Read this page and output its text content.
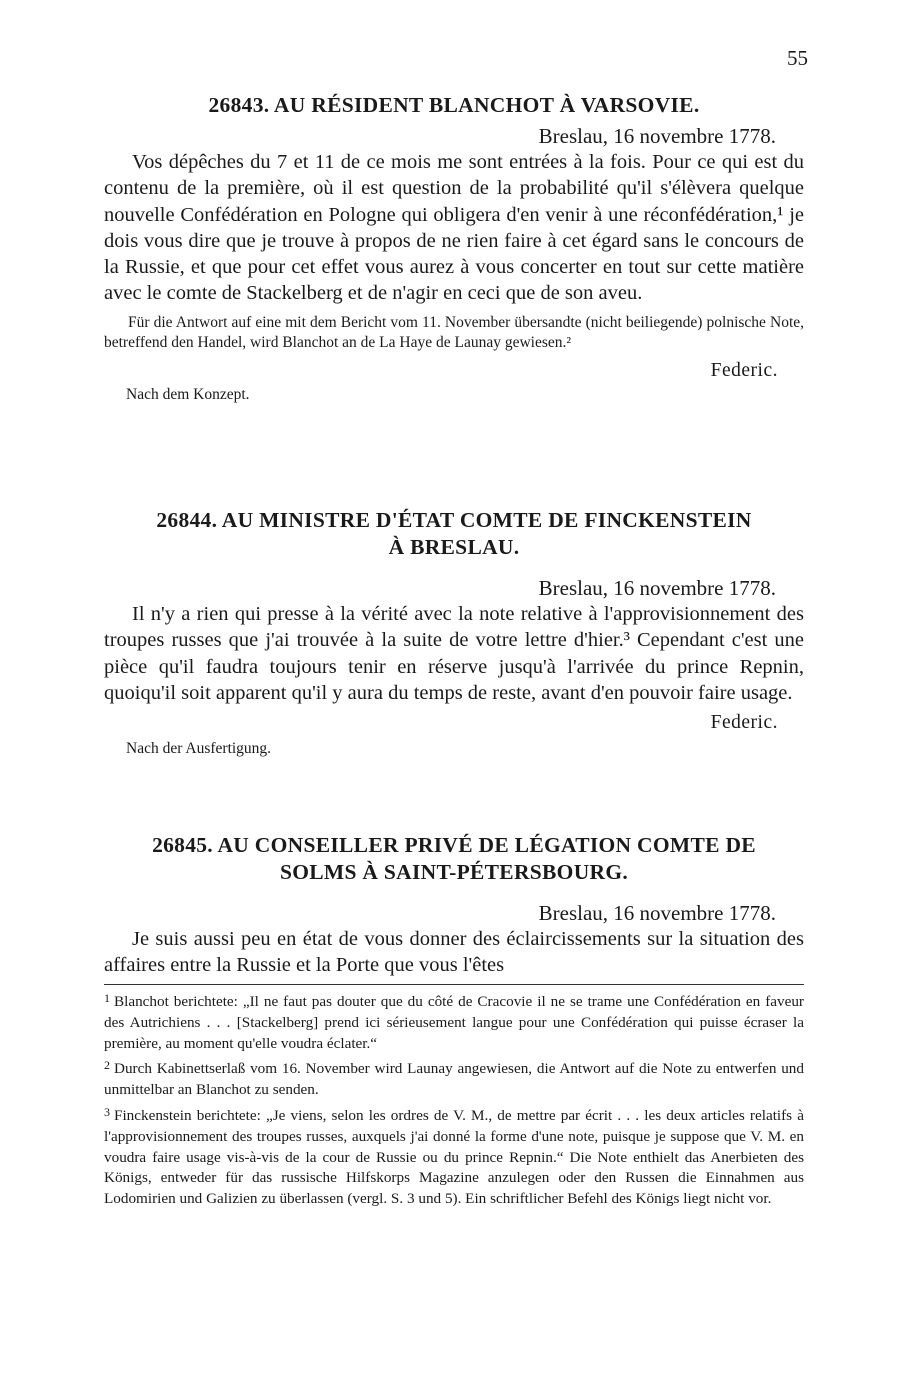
55
26843. AU RÉSIDENT BLANCHOT À VARSOVIE.
Breslau, 16 novembre 1778.

Vos dépêches du 7 et 11 de ce mois me sont entrées à la fois. Pour ce qui est du contenu de la première, où il est question de la probabilité qu'il s'élèvera quelque nouvelle Confédération en Pologne qui obligera d'en venir à une réconfédération,¹ je dois vous dire que je trouve à propos de ne rien faire à cet égard sans le concours de la Russie, et que pour cet effet vous aurez à vous concerter en tout sur cette matière avec le comte de Stackelberg et de n'agir en ceci que de son aveu.

Für die Antwort auf eine mit dem Bericht vom 11. November übersandte (nicht beiliegende) polnische Note, betreffend den Handel, wird Blanchot an de La Haye de Launay gewiesen.²

Federic.
Nach dem Konzept.
26844. AU MINISTRE D'ÉTAT COMTE DE FINCKENSTEIN
À BRESLAU.
Breslau, 16 novembre 1778.

Il n'y a rien qui presse à la vérité avec la note relative à l'approvisionnement des troupes russes que j'ai trouvée à la suite de votre lettre d'hier.³ Cependant c'est une pièce qu'il faudra toujours tenir en réserve jusqu'à l'arrivée du prince Repnin, quoiqu'il soit apparent qu'il y aura du temps de reste, avant d'en pouvoir faire usage.

Federic.
Nach der Ausfertigung.
26845. AU CONSEILLER PRIVÉ DE LÉGATION COMTE DE
SOLMS À SAINT-PÉTERSBOURG.
Breslau, 16 novembre 1778.

Je suis aussi peu en état de vous donner des éclaircissements sur la situation des affaires entre la Russie et la Porte que vous l'êtes

$^1$ Blanchot berichtete: „Il ne faut pas douter que du côté de Cracovie il ne se trame une Confédération en faveur des Autrichiens . . . [Stackelberg] prend ici sérieusement langue pour une Confédération qui puisse écraser la première, au moment qu'elle voudra éclater.“

$^2$ Durch Kabinettserlaß vom 16. November wird Launay angewiesen, die Antwort auf die Note zu entwerfen und unmittelbar an Blanchot zu senden.

$^3$ Finckenstein berichtete: „Je viens, selon les ordres de V. M., de mettre par écrit . . . les deux articles relatifs à l'approvisionnement des troupes russes, auxquels j'ai donné la forme d'une note, puisque je suppose que V. M. en voudra faire usage vis-à-vis de la cour de Russie ou du prince Repnin.“ Die Note enthielt das Anerbieten des Königs, entweder für das russische Hilfskorps Magazine anzulegen oder den Russen die Einnahmen aus Lodomirien und Galizien zu überlassen (vergl. S. 3 und 5). Ein schriftlicher Befehl des Königs liegt nicht vor.
